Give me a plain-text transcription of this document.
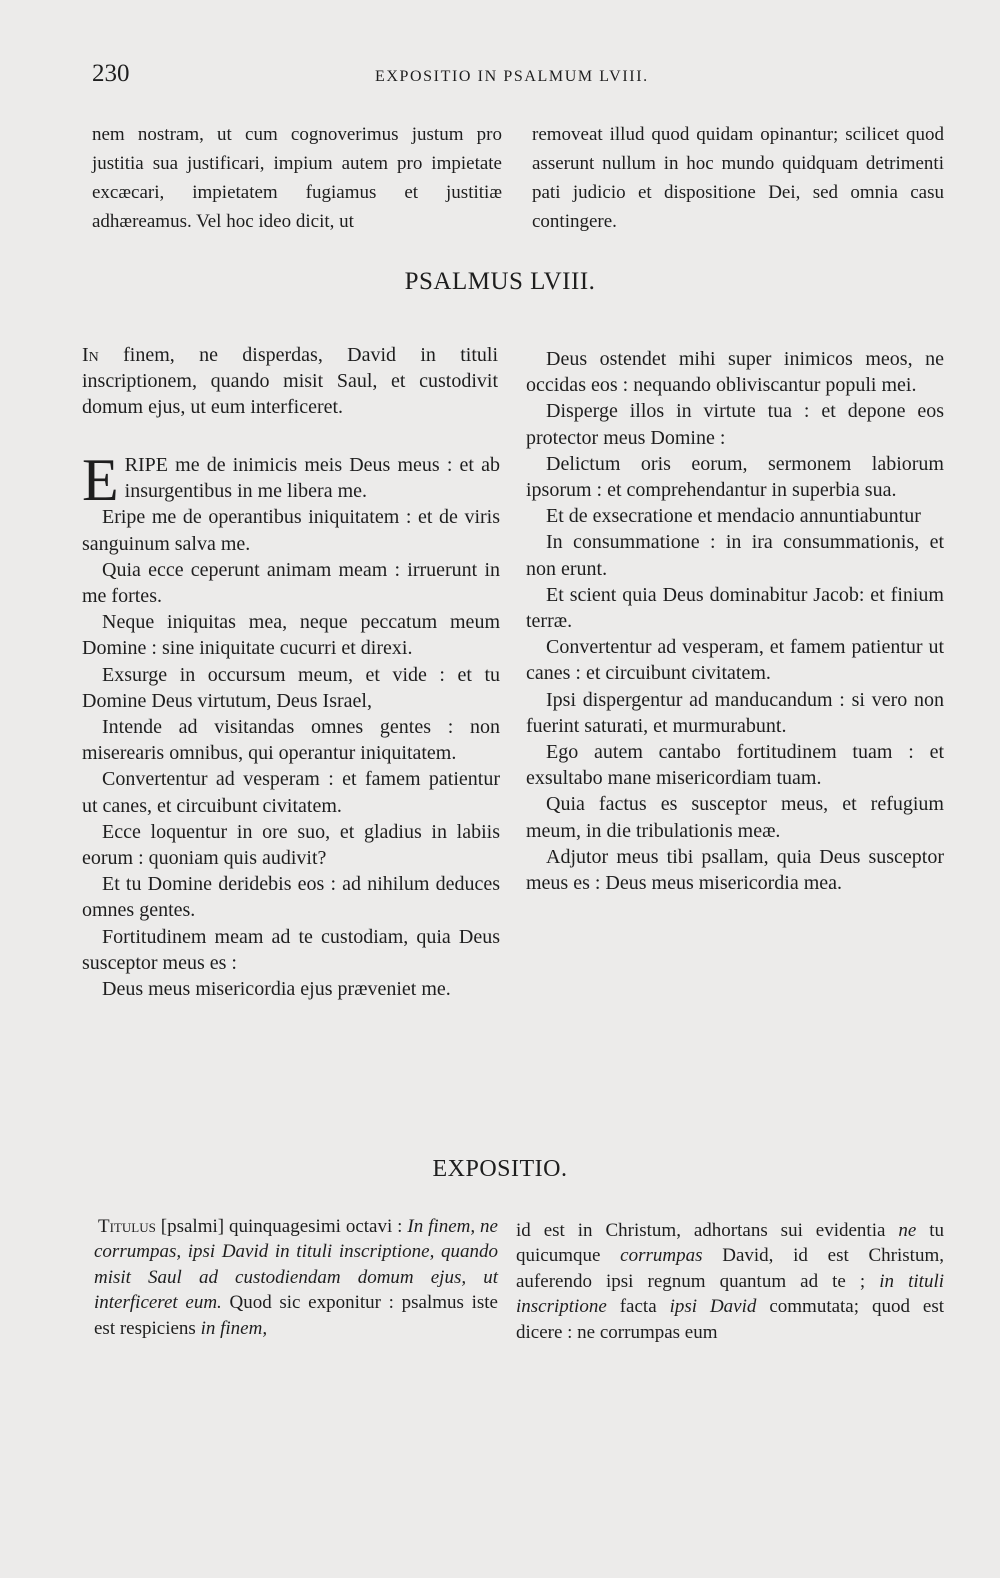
230	EXPOSITIO IN PSALMUM LVIII.

nem nostram, ut cum cognoverimus justum pro justitia sua justificari, impium autem pro impietate excæcari, impietatem fugiamus et justitiæ adhæreamus. Vel hoc ideo dicit, ut

removeat illud quod quidam opinantur; scilicet quod asserunt nullum in hoc mundo quidquam detrimenti pati judicio et dispositione Dei, sed omnia casu contingere.

PSALMUS LVIII.

In finem, ne disperdas, David in tituli inscriptionem, quando misit Saul, et custodivit domum ejus, ut eum interficeret.

ERIPE me de inimicis meis Deus meus : et ab insurgentibus in me libera me.

Eripe me de operantibus iniquitatem : et de viris sanguinum salva me.

Quia ecce ceperunt animam meam : irruerunt in me fortes.

Neque iniquitas mea, neque peccatum meum Domine : sine iniquitate cucurri et direxi.

Exsurge in occursum meum, et vide : et tu Domine Deus virtutum, Deus Israel,

Intende ad visitandas omnes gentes : non miserearis omnibus, qui operantur iniquitatem.

Convertentur ad vesperam : et famem patientur ut canes, et circuibunt civitatem.

Ecce loquentur in ore suo, et gladius in labiis eorum : quoniam quis audivit?

Et tu Domine deridebis eos : ad nihilum deduces omnes gentes.

Fortitudinem meam ad te custodiam, quia Deus susceptor meus es :

Deus meus misericordia ejus præveniet me.

Deus ostendet mihi super inimicos meos, ne occidas eos : nequando obliviscantur populi mei.

Disperge illos in virtute tua : et depone eos protector meus Domine :

Delictum oris eorum, sermonem labiorum ipsorum : et comprehendantur in superbia sua.

Et de exsecratione et mendacio annuntiabuntur

In consummatione : in ira consummationis, et non erunt.

Et scient quia Deus dominabitur Jacob: et finium terræ.

Convertentur ad vesperam, et famem patientur ut canes : et circuibunt civitatem.

Ipsi dispergentur ad manducandum : si vero non fuerint saturati, et murmurabunt.

Ego autem cantabo fortitudinem tuam : et exsultabo mane misericordiam tuam.

Quia factus es susceptor meus, et refugium meum, in die tribulationis meæ.

Adjutor meus tibi psallam, quia Deus susceptor meus es : Deus meus misericordia mea.

EXPOSITIO.

Titulus [psalmi] quinquagesimi octavi : In finem, ne corrumpas, ipsi David in tituli inscriptione, quando misit Saul ad custodiendam domum ejus, ut interficeret eum. Quod sic exponitur : psalmus iste est respiciens in finem,

id est in Christum, adhortans sui evidentia ne tu quicumque corrumpas David, id est Christum, auferendo ipsi regnum quantum ad te ; in tituli inscriptione facta ipsi David commutata; quod est dicere : ne corrumpas eum
